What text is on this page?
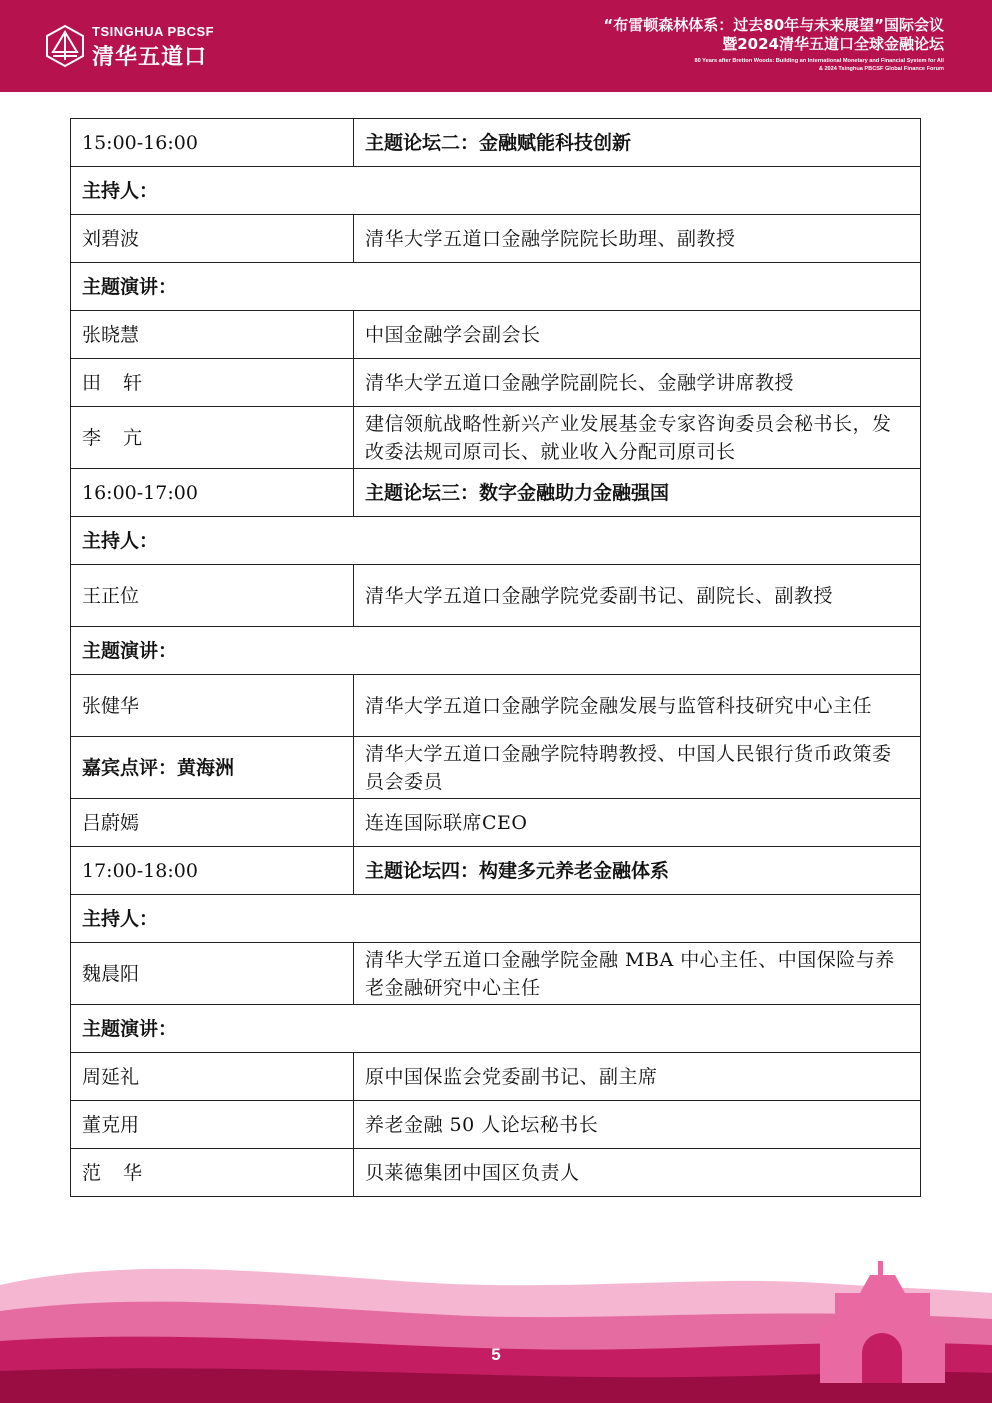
TSINGHUA PBCSF
清华五道口
“布雷顿森林体系：过去80年与未来展望”国际会议
暨2024清华五道口全球金融论坛
80 Years after Bretton Woods: Building an International Monetary and Financial System for All
& 2024 Tsinghua PBCSF Global Finance Forum
15:00-16:00	主题论坛二：金融赋能科技创新
主持人：	
刘碧波	清华大学五道口金融学院院长助理、副教授
主题演讲：	
张晓慧	中国金融学会副会长
田轩	清华大学五道口金融学院副院长、金融学讲席教授
李亢	建信领航战略性新兴产业发展基金专家咨询委员会秘书长，发改委法规司原司长、就业收入分配司原司长
16:00-17:00	主题论坛三：数字金融助力金融强国
主持人：	
王正位	清华大学五道口金融学院党委副书记、副院长、副教授
主题演讲：	
张健华	清华大学五道口金融学院金融发展与监管科技研究中心主任
嘉宾点评：黄海洲	清华大学五道口金融学院特聘教授、中国人民银行货币政策委员会委员
吕蔚嫣	连连国际联席CEO
17:00-18:00	主题论坛四：构建多元养老金融体系
主持人：	
魏晨阳	清华大学五道口金融学院金融 MBA 中心主任、中国保险与养老金融研究中心主任
主题演讲：	
周延礼	原中国保监会党委副书记、副主席
董克用	养老金融 50 人论坛秘书长
范华	贝莱德集团中国区负责人
5
